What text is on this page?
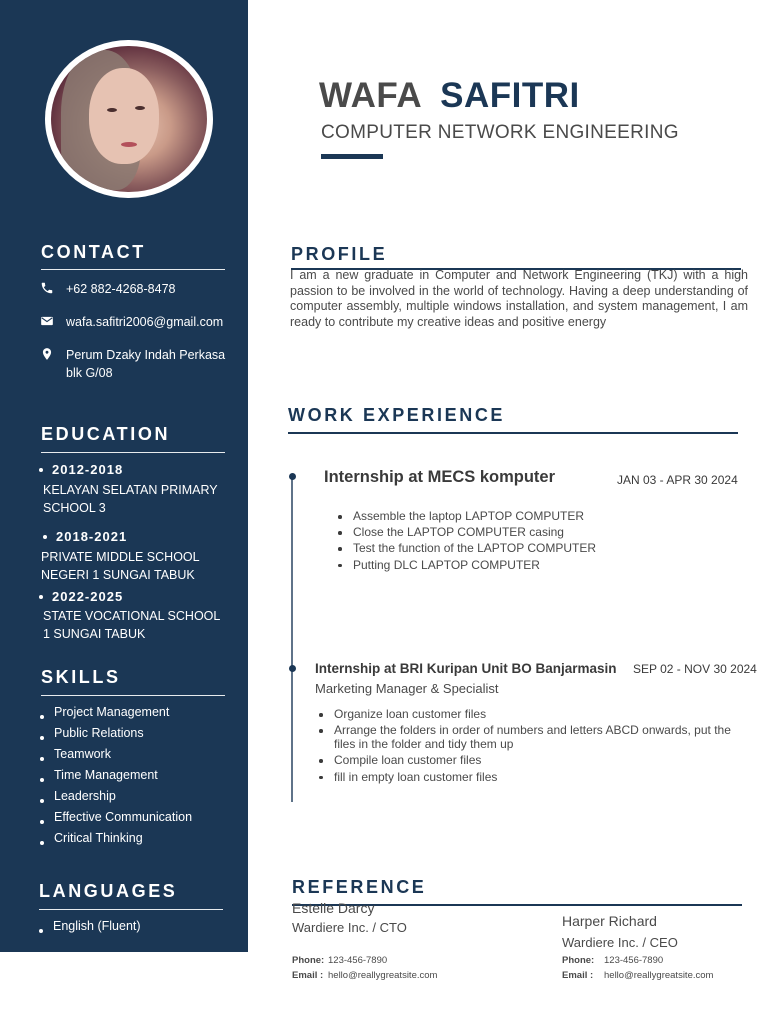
CONTACT
+62 882-4268-8478
wafa.safitri2006@gmail.com
Perum Dzaky Indah Perkasa
blk G/08
EDUCATION
2012-2018
KELAYAN SELATAN PRIMARY
SCHOOL 3
2018-2021
PRIVATE MIDDLE SCHOOL
NEGERI 1 SUNGAI TABUK
2022-2025
STATE VOCATIONAL SCHOOL
1 SUNGAI TABUK
SKILLS
Project Management
Public Relations
Teamwork
Time Management
Leadership
Effective Communication
Critical Thinking
LANGUAGES
English (Fluent)
WAFA SAFITRI
COMPUTER NETWORK ENGINEERING
PROFILE

I am a new graduate in Computer and Network Engineering (TKJ) with a high passion to be involved in the world of technology. Having a deep understanding of computer assembly, multiple windows installation, and system management, I am ready to contribute my creative ideas and positive energy

WORK EXPERIENCE
Internship at MECS komputer	JAN 03 - APR 30 2024
Assemble the laptop LAPTOP COMPUTER
Close the LAPTOP COMPUTER casing
Test the function of the LAPTOP COMPUTER
Putting DLC LAPTOP COMPUTER
Internship at BRI Kuripan Unit BO Banjarmasin SEP 02 - NOV 30 2024
Marketing Manager & Specialist
Organize loan customer files
Arrange the folders in order of numbers and letters ABCD onwards, put the files in the folder and tidy them up
Compile loan customer files
fill in empty loan customer files
REFERENCE
Estelle Darcy
Wardiere Inc. / CTO
Phone: 123-456-7890
Email : hello@reallygreatsite.com
Harper Richard
Wardiere Inc. / CEO
Phone: 123-456-7890
Email : hello@reallygreatsite.com
